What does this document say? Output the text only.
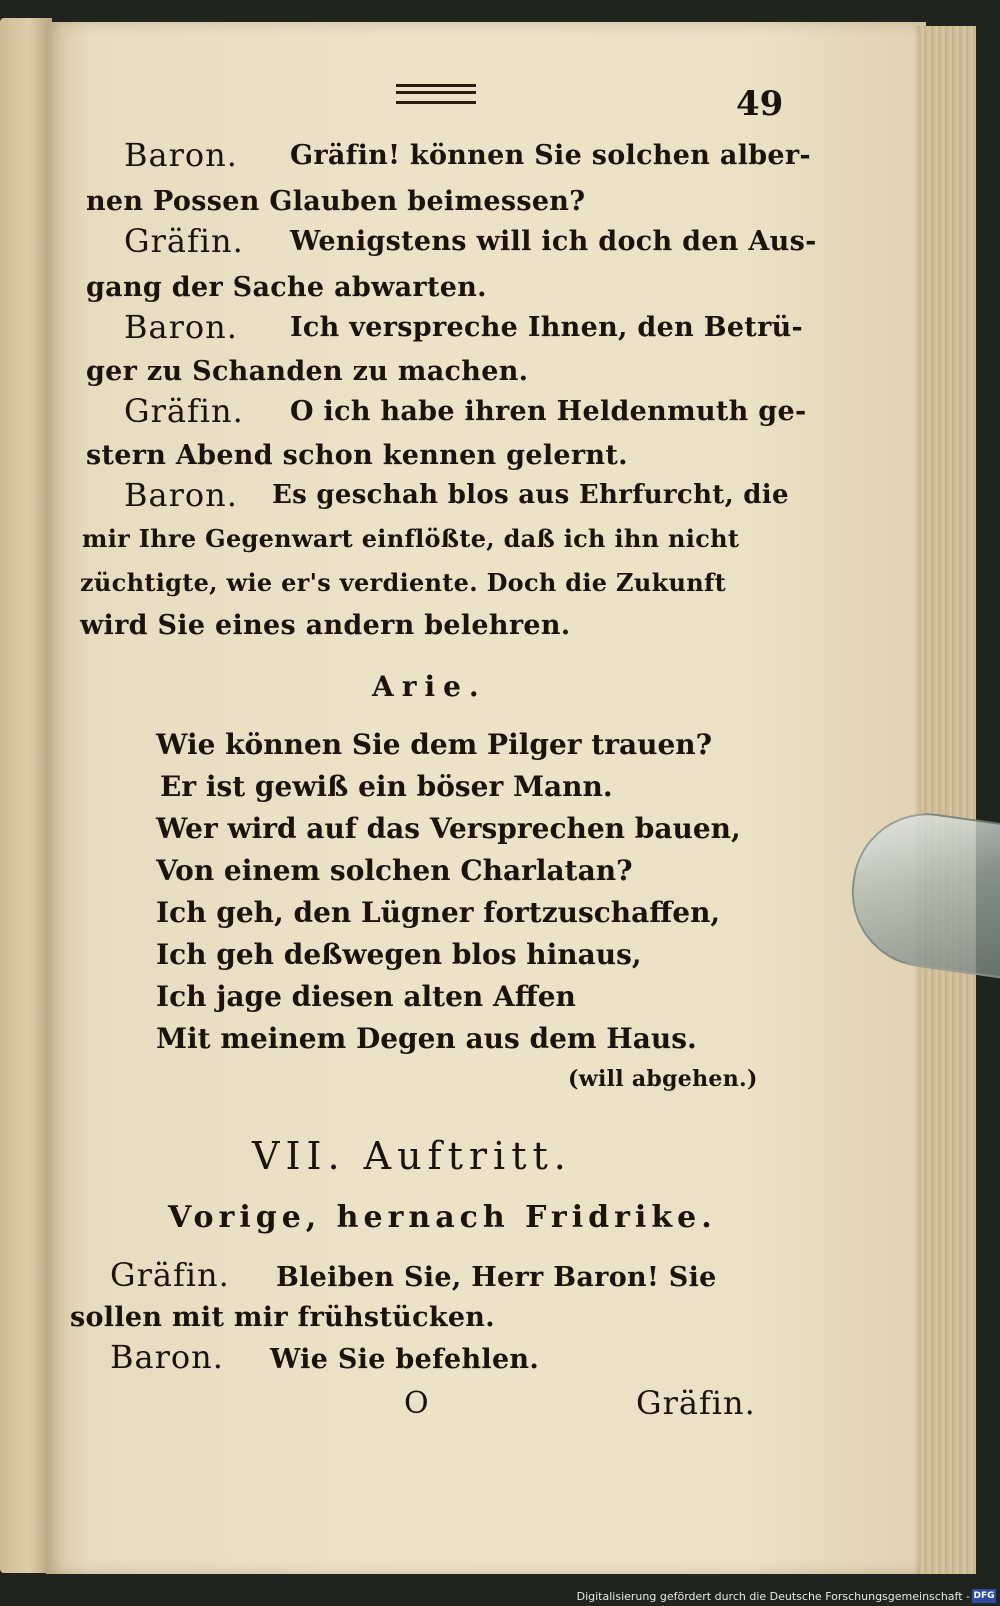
49
Baron. Gräfin! können Sie solchen alber-
nen Possen Glauben beimessen?
Gräfin. Wenigstens will ich doch den Aus-
gang der Sache abwarten.
Baron. Ich verspreche Ihnen, den Betrü-
ger zu Schanden zu machen.
Gräfin. O ich habe ihren Heldenmuth ge-
stern Abend schon kennen gelernt.
Baron. Es geschah blos aus Ehrfurcht, die
mir Ihre Gegenwart einflößte, daß ich ihn nicht
züchtigte, wie er's verdiente. Doch die Zukunft
wird Sie eines andern belehren.
Arie.
Wie können Sie dem Pilger trauen?
Er ist gewiß ein böser Mann.
Wer wird auf das Versprechen bauen,
Von einem solchen Charlatan?
Ich geh, den Lügner fortzuschaffen,
Ich geh deßwegen blos hinaus,
Ich jage diesen alten Affen
Mit meinem Degen aus dem Haus.
(will abgehen.)
VII. Auftritt.
Vorige, hernach Fridrike.
Gräfin. Bleiben Sie, Herr Baron! Sie
sollen mit mir frühstücken.
Baron. Wie Sie befehlen.
O	Gräfin.
Digitalisierung gefördert durch die Deutsche Forschungsgemeinschaft - DFG
